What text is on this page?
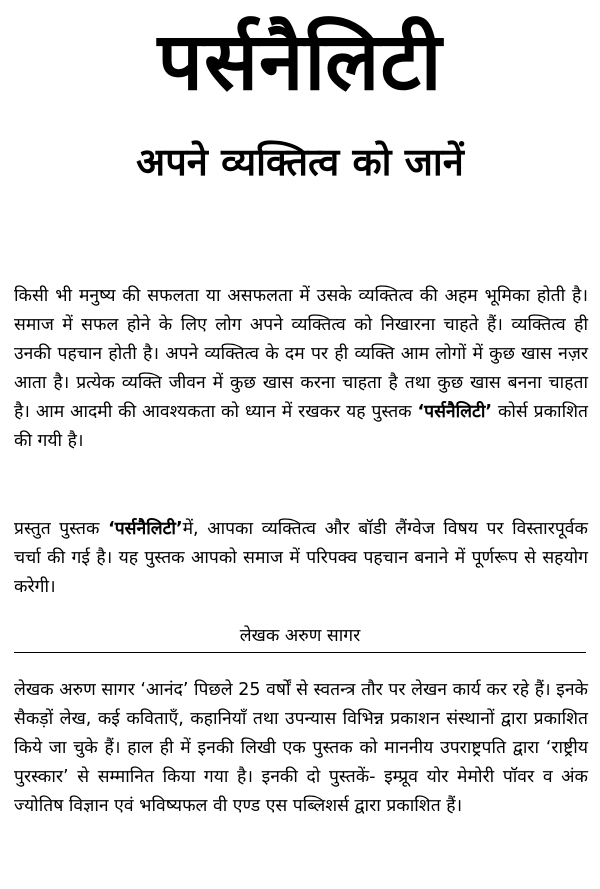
पर्सनैलिटी
अपने व्यक्तित्व को जानें

किसी भी मनुष्य की सफलता या असफलता में उसके व्यक्तित्व की अहम भूमिका होती है। समाज में सफल होने के लिए लोग अपने व्यक्तित्व को निखारना चाहते हैं। व्यक्तित्व ही उनकी पहचान होती है। अपने व्यक्तित्व के दम पर ही व्यक्ति आम लोगों में कुछ खास नज़र आता है। प्रत्येक व्यक्ति जीवन में कुछ खास करना चाहता है तथा कुछ खास बनना चाहता है। आम आदमी की आवश्यकता को ध्यान में रखकर यह पुस्तक ‘पर्सनैलिटी’ कोर्स प्रकाशित की गयी है।

प्रस्तुत पुस्तक ‘पर्सनैलिटी’में, आपका व्यक्तित्व और बॉडी लैंग्वेज विषय पर विस्तारपूर्वक चर्चा की गई है। यह पुस्तक आपको समाज में परिपक्व पहचान बनाने में पूर्णरूप से सहयोग करेगी।

लेखक अरुण सागर

लेखक अरुण सागर ‘आनंद’ पिछले 25 वर्षों से स्वतन्त्र तौर पर लेखन कार्य कर रहे हैं। इनके सैकड़ों लेख, कई कविताएँ, कहानियाँ तथा उपन्यास विभिन्न प्रकाशन संस्थानों द्वारा प्रकाशित किये जा चुके हैं। हाल ही में इनकी लिखी एक पुस्तक को माननीय उपराष्ट्रपति द्वारा ‘राष्ट्रीय पुरस्कार’ से सम्मानित किया गया है। इनकी दो पुस्तकें- इम्प्रूव योर मेमोरी पॉवर व अंक ज्योतिष विज्ञान एवं भविष्यफल वी एण्ड एस पब्लिशर्स द्वारा प्रकाशित हैं।
